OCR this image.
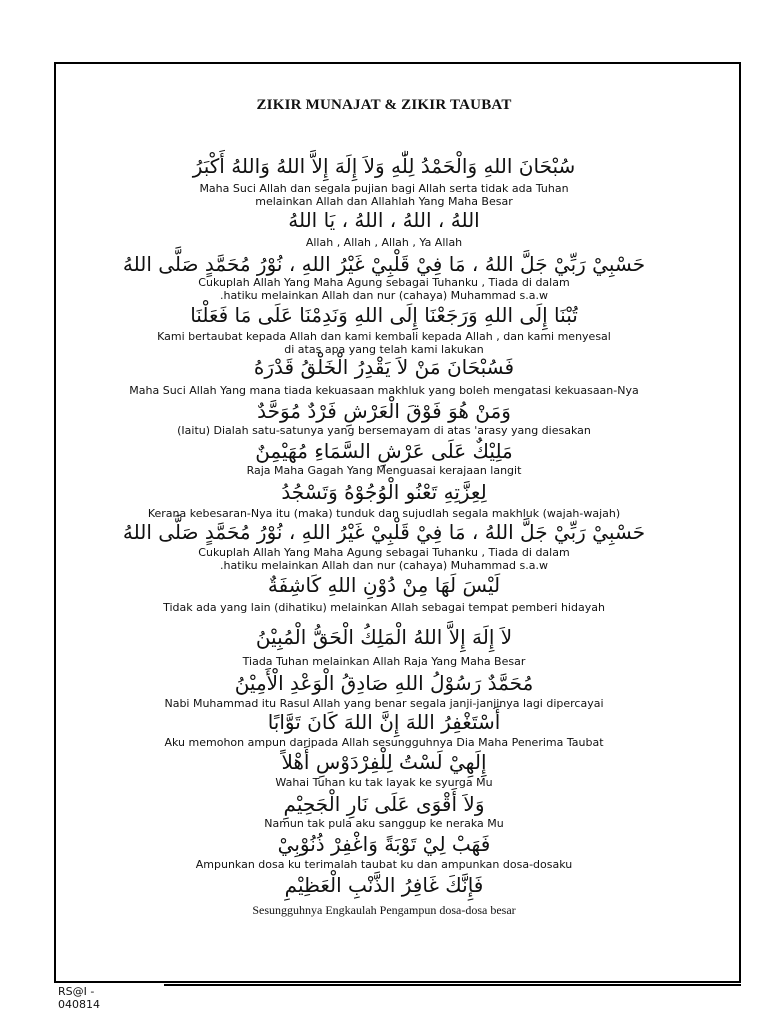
ZIKIR MUNAJAT & ZIKIR TAUBAT
سُبْحَانَ اللهِ وَالْحَمْدُ لِلّٰهِ وَلاَ إِلَهَ إِلاَّ اللهُ وَاللهُ أَكْبَرُ
Maha Suci Allah dan segala pujian bagi Allah serta tidak ada Tuhan
melainkan Allah dan Allahlah Yang Maha Besar
اللهُ ، اللهُ ، اللهُ ، يَا اللهُ
Allah , Allah , Allah , Ya Allah
حَسْبِيْ رَبِّيْ جَلَّ اللهُ ، مَا فِيْ قَلْبِيْ غَيْرُ اللهِ ، نُوْرُ مُحَمَّدٍ صَلَّى اللهُ
Cukuplah Allah Yang Maha Agung sebagai Tuhanku , Tiada di dalam
.hatiku melainkan Allah dan nur (cahaya) Muhammad s.a.w
تُبْنَا إِلَى اللهِ وَرَجَعْنَا إِلَى اللهِ وَنَدِمْنَا عَلَى مَا فَعَلْنَا
Kami bertaubat kepada Allah dan kami kembali kepada Allah , dan kami menyesal
di atas apa yang telah kami lakukan
فَسُبْحَانَ مَنْ لاَ يَقْدِرُ الْخَلْقُ قَدْرَهُ
Maha Suci Allah Yang mana tiada kekuasaan makhluk yang boleh mengatasi kekuasaan-Nya
وَمَنْ هُوَ فَوْقَ الْعَرْشِ فَرْدٌ مُوَحَّدٌ
(Iaitu) Dialah satu-satunya yang bersemayam di atas 'arasy yang diesakan
مَلِيْكٌ عَلَى عَرْشِ السَّمَاءِ مُهَيْمِنٌ
Raja Maha Gagah Yang Menguasai kerajaan langit
لِعِزَّتِهِ تَعْنُو الْوُجُوْهُ وَتَسْجُدُ
Kerana kebesaran-Nya itu (maka) tunduk dan sujudlah segala makhluk (wajah-wajah)
حَسْبِيْ رَبِّيْ جَلَّ اللهُ ، مَا فِيْ قَلْبِيْ غَيْرُ اللهِ ، نُوْرُ مُحَمَّدٍ صَلَّى اللهُ
Cukuplah Allah Yang Maha Agung sebagai Tuhanku , Tiada di dalam
.hatiku melainkan Allah dan nur (cahaya) Muhammad s.a.w
لَيْسَ لَهَا مِنْ دُوْنِ اللهِ كَاشِفَةٌ
Tidak ada yang lain (dihatiku) melainkan Allah sebagai tempat pemberi hidayah
لاَ إِلَهَ إِلاَّ اللهُ الْمَلِكُ الْحَقُّ الْمُبِيْنُ
Tiada Tuhan melainkan Allah Raja Yang Maha Besar
مُحَمَّدٌ رَسُوْلُ اللهِ صَادِقُ الْوَعْدِ الْأَمِيْنُ
Nabi Muhammad itu Rasul Allah yang benar segala janji-janjinya lagi dipercayai
أَسْتَغْفِرُ اللهَ إِنَّ اللهَ كَانَ تَوَّابًا
Aku memohon ampun daripada Allah sesungguhnya Dia Maha Penerima Taubat
إِلَهِيْ لَسْتُ لِلْفِرْدَوْسِ أَهْلاً
Wahai Tuhan ku tak layak ke syurga Mu
وَلاَ أَقْوَى عَلَى نَارِ الْجَحِيْمِ
Namun tak pula aku sanggup ke neraka Mu
فَهَبْ لِيْ تَوْبَةً وَاغْفِرْ ذُنُوْبِيْ
Ampunkan dosa ku terimalah taubat ku dan ampunkan dosa-dosaku
فَإِنَّكَ غَافِرُ الذَّنْبِ الْعَظِيْمِ
Sesungguhnya Engkaulah Pengampun dosa-dosa besar
RS@I - 040814
